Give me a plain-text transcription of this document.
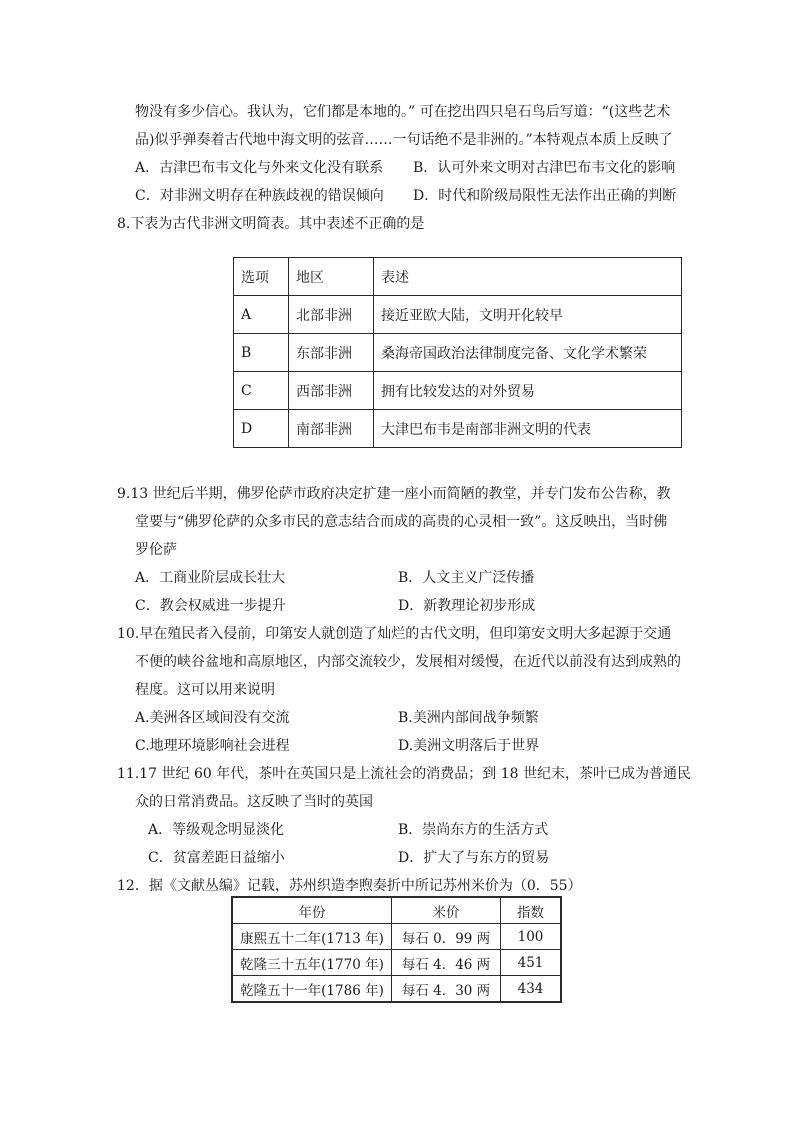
物没有多少信心。我认为，它们都是本地的。” 可在挖出四只皂石鸟后写道：“(这些艺术
品)似乎弹奏着古代地中海文明的弦音……一句话绝不是非洲的。”本特观点本质上反映了
A．古津巴布韦文化与外来文化没有联系 B．认可外来文明对古津巴布韦文化的影响
C．对非洲文明存在种族歧视的错误倾向 D．时代和阶级局限性无法作出正确的判断
8.下表为古代非洲文明简表。其中表述不正确的是
选项	地区	表述
A	北部非洲	接近亚欧大陆，文明开化较早
B	东部非洲	桑海帝国政治法律制度完备、文化学术繁荣
C	西部非洲	拥有比较发达的对外贸易
D	南部非洲	大津巴布韦是南部非洲文明的代表
9.13 世纪后半期，佛罗伦萨市政府决定扩建一座小而简陋的教堂，并专门发布公告称，教
堂要与“佛罗伦萨的众多市民的意志结合而成的高贵的心灵相一致”。这反映出，当时佛
罗伦萨
A．工商业阶层成长壮大	B．人文主义广泛传播
C．教会权威进一步提升	D．新教理论初步形成
10.早在殖民者入侵前，印第安人就创造了灿烂的古代文明，但印第安文明大多起源于交通
不便的峡谷盆地和高原地区，内部交流较少，发展相对缓慢，在近代以前没有达到成熟的
程度。这可以用来说明
A.美洲各区域间没有交流	B.美洲内部间战争频繁
C.地理环境影响社会进程	D.美洲文明落后于世界
11.17 世纪 60 年代，茶叶在英国只是上流社会的消费品；到 18 世纪末，茶叶已成为普通民
众的日常消费品。这反映了当时的英国
A．等级观念明显淡化	B．崇尚东方的生活方式
C．贫富差距日益缩小	D．扩大了与东方的贸易
12．据《文献丛编》记载，苏州织造李煦奏折中所记苏州米价为（0．55）
年份	米价	指数
康熙五十二年(1713 年)	每石 0．99 两	100
乾隆三十五年(1770 年)	每石 4．46 两	451
乾隆五十一年(1786 年)	每石 4．30 两	434
